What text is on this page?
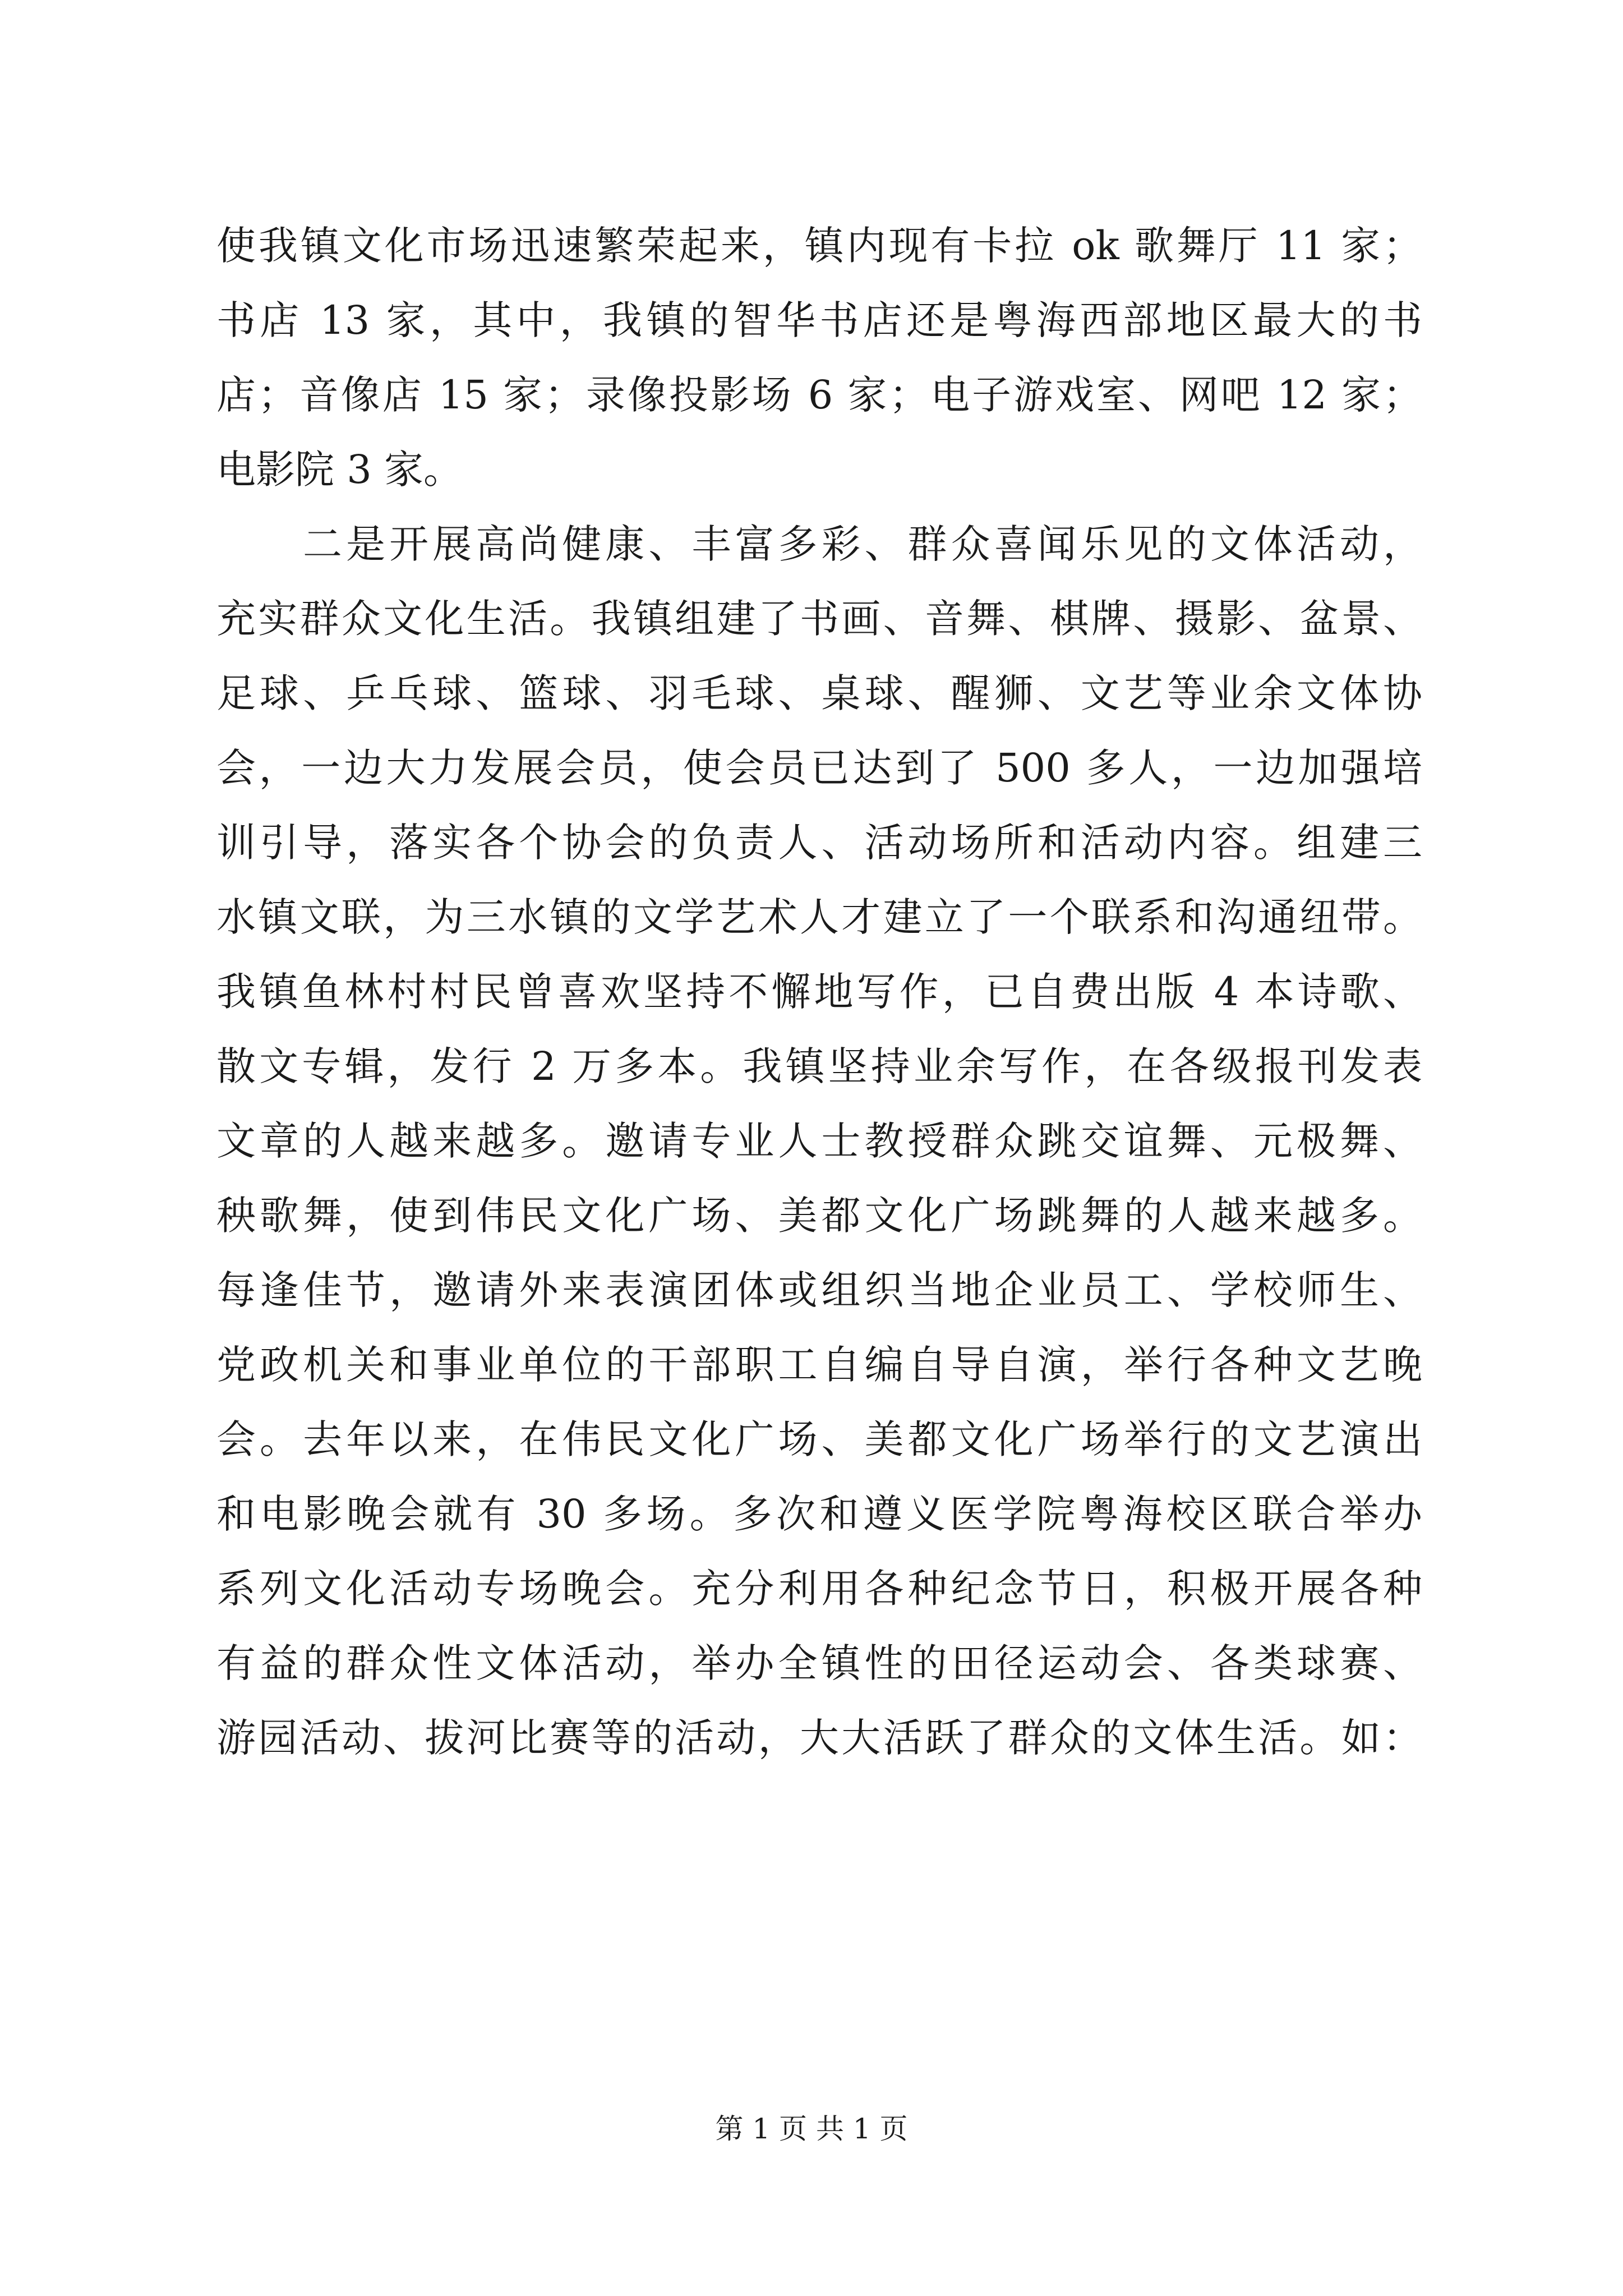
使我镇文化市场迅速繁荣起来，镇内现有卡拉 ok 歌舞厅 11 家；
书店 13 家，其中，我镇的智华书店还是粤海西部地区最大的书
店；音像店 15 家；录像投影场 6 家；电子游戏室、网吧 12 家；
电影院 3 家。
二是开展高尚健康、丰富多彩、群众喜闻乐见的文体活动，
充实群众文化生活。我镇组建了书画、音舞、棋牌、摄影、盆景、
足球、乒乓球、篮球、羽毛球、桌球、醒狮、文艺等业余文体协
会，一边大力发展会员，使会员已达到了 500 多人，一边加强培
训引导，落实各个协会的负责人、活动场所和活动内容。组建三
水镇文联，为三水镇的文学艺术人才建立了一个联系和沟通纽带。
我镇鱼林村村民曾喜欢坚持不懈地写作，已自费出版 4 本诗歌、
散文专辑，发行 2 万多本。我镇坚持业余写作，在各级报刊发表
文章的人越来越多。邀请专业人士教授群众跳交谊舞、元极舞、
秧歌舞，使到伟民文化广场、美都文化广场跳舞的人越来越多。
每逢佳节，邀请外来表演团体或组织当地企业员工、学校师生、
党政机关和事业单位的干部职工自编自导自演，举行各种文艺晚
会。去年以来，在伟民文化广场、美都文化广场举行的文艺演出
和电影晚会就有 30 多场。多次和遵义医学院粤海校区联合举办
系列文化活动专场晚会。充分利用各种纪念节日，积极开展各种
有益的群众性文体活动，举办全镇性的田径运动会、各类球赛、
游园活动、拔河比赛等的活动，大大活跃了群众的文体生活。如：
第 1 页 共 1 页
